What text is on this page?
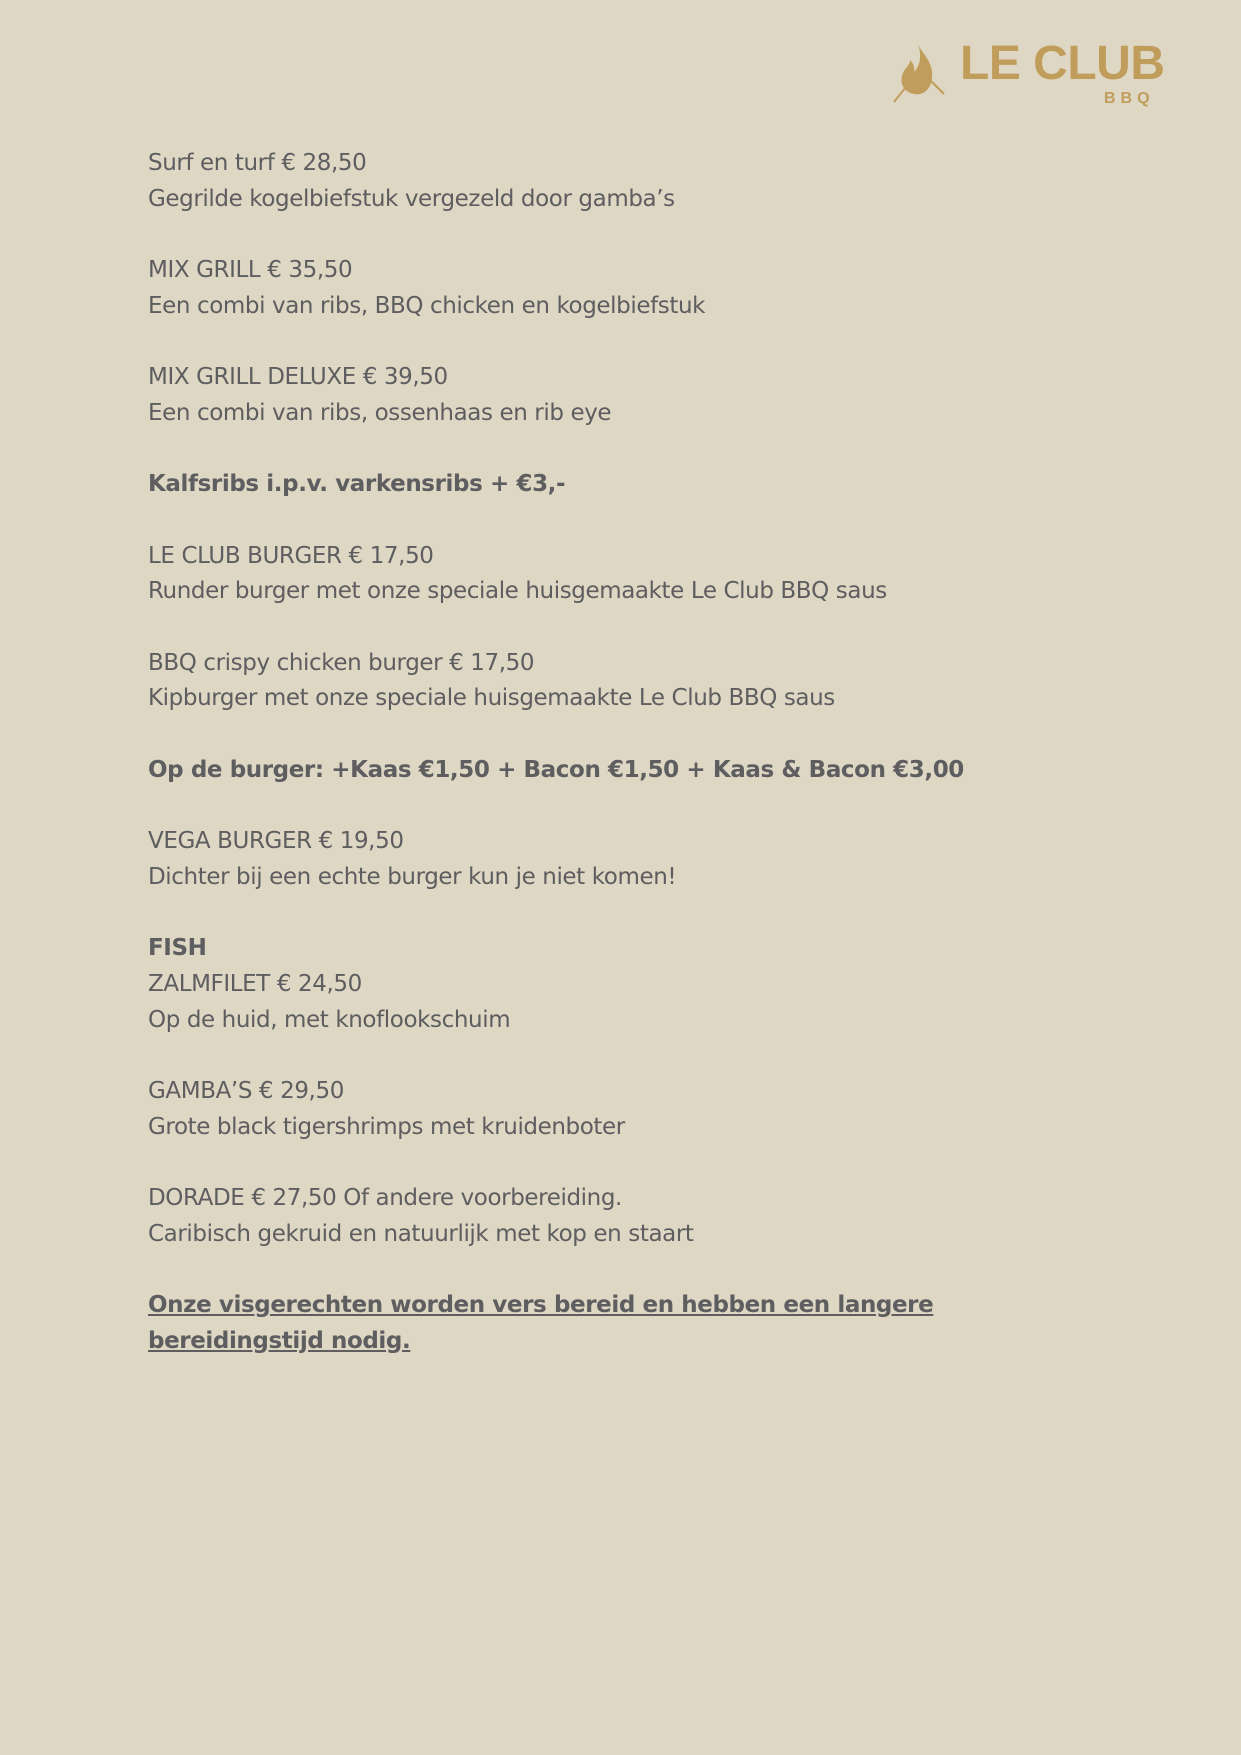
LE CLUB
BBQ
Surf en turf € 28,50
Gegrilde kogelbiefstuk vergezeld door gamba’s
MIX GRILL € 35,50
Een combi van ribs, BBQ chicken en kogelbiefstuk
MIX GRILL DELUXE € 39,50
Een combi van ribs, ossenhaas en rib eye
Kalfsribs i.p.v. varkensribs + €3,-
LE CLUB BURGER € 17,50
Runder burger met onze speciale huisgemaakte Le Club BBQ saus
BBQ crispy chicken burger € 17,50
Kipburger met onze speciale huisgemaakte Le Club BBQ saus
Op de burger: +Kaas €1,50 + Bacon €1,50 + Kaas & Bacon €3,00
VEGA BURGER € 19,50
Dichter bij een echte burger kun je niet komen!
FISH
ZALMFILET € 24,50
Op de huid, met knoflookschuim
GAMBA’S € 29,50
Grote black tigershrimps met kruidenboter
DORADE € 27,50 Of andere voorbereiding.
Caribisch gekruid en natuurlijk met kop en staart
Onze visgerechten worden vers bereid en hebben een langere bereidingstijd nodig.
